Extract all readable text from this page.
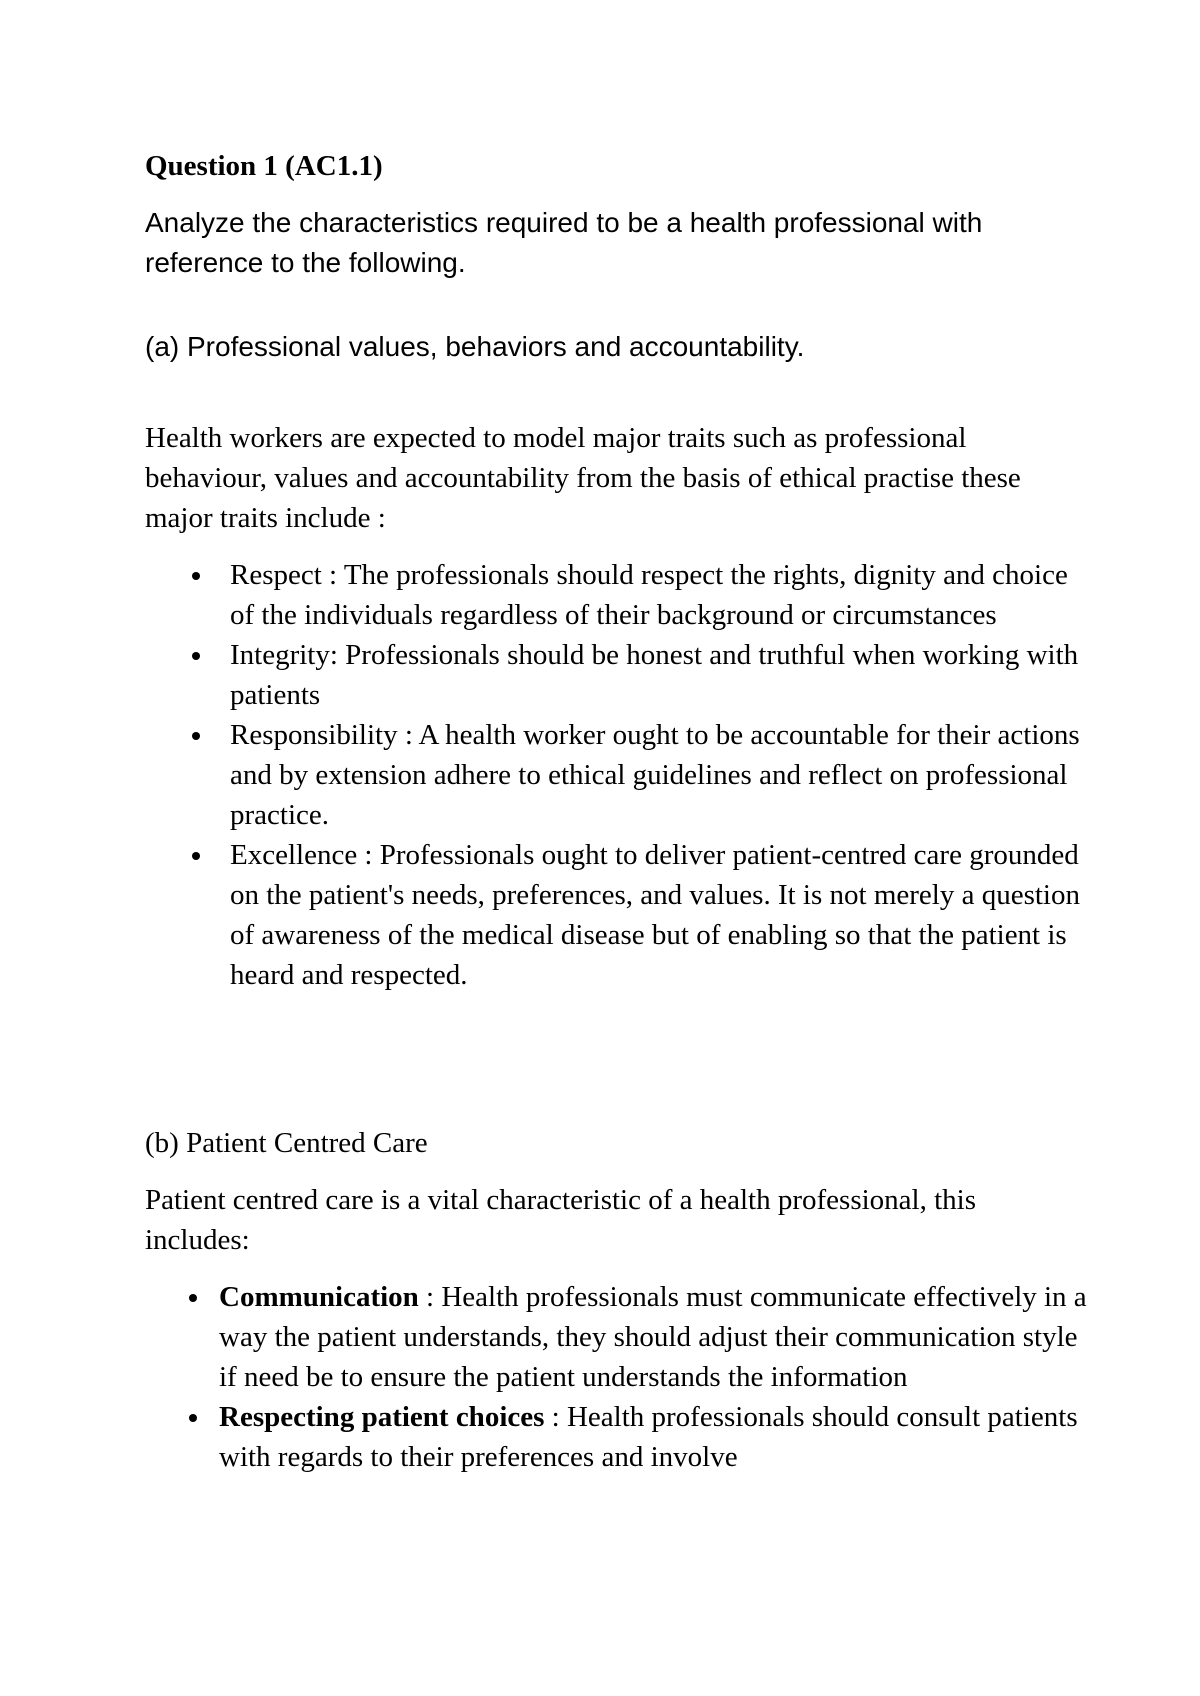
Question 1 (AC1.1)

Analyze the characteristics required to be a health professional with reference to the following.

(a) Professional values, behaviors and accountability.

Health workers are expected to model major traits such as professional behaviour, values and accountability from the basis of ethical practise these major traits include :

Respect : The professionals should respect the rights, dignity and choice of the individuals regardless of their background or circumstances
Integrity: Professionals should be honest and truthful when working with patients
Responsibility : A health worker ought to be accountable for their actions and by extension adhere to ethical guidelines and reflect on professional practice.
Excellence : Professionals ought to deliver patient-centred care grounded on the patient's needs, preferences, and values. It is not merely a question of awareness of the medical disease but of enabling so that the patient is heard and respected.

(b) Patient Centred Care

Patient centred care is a vital characteristic of a health professional, this includes:

Communication : Health professionals must communicate effectively in a way the patient understands, they should adjust their communication style if need be to ensure the patient understands the information
Respecting patient choices : Health professionals should consult patients with regards to their preferences and involve
